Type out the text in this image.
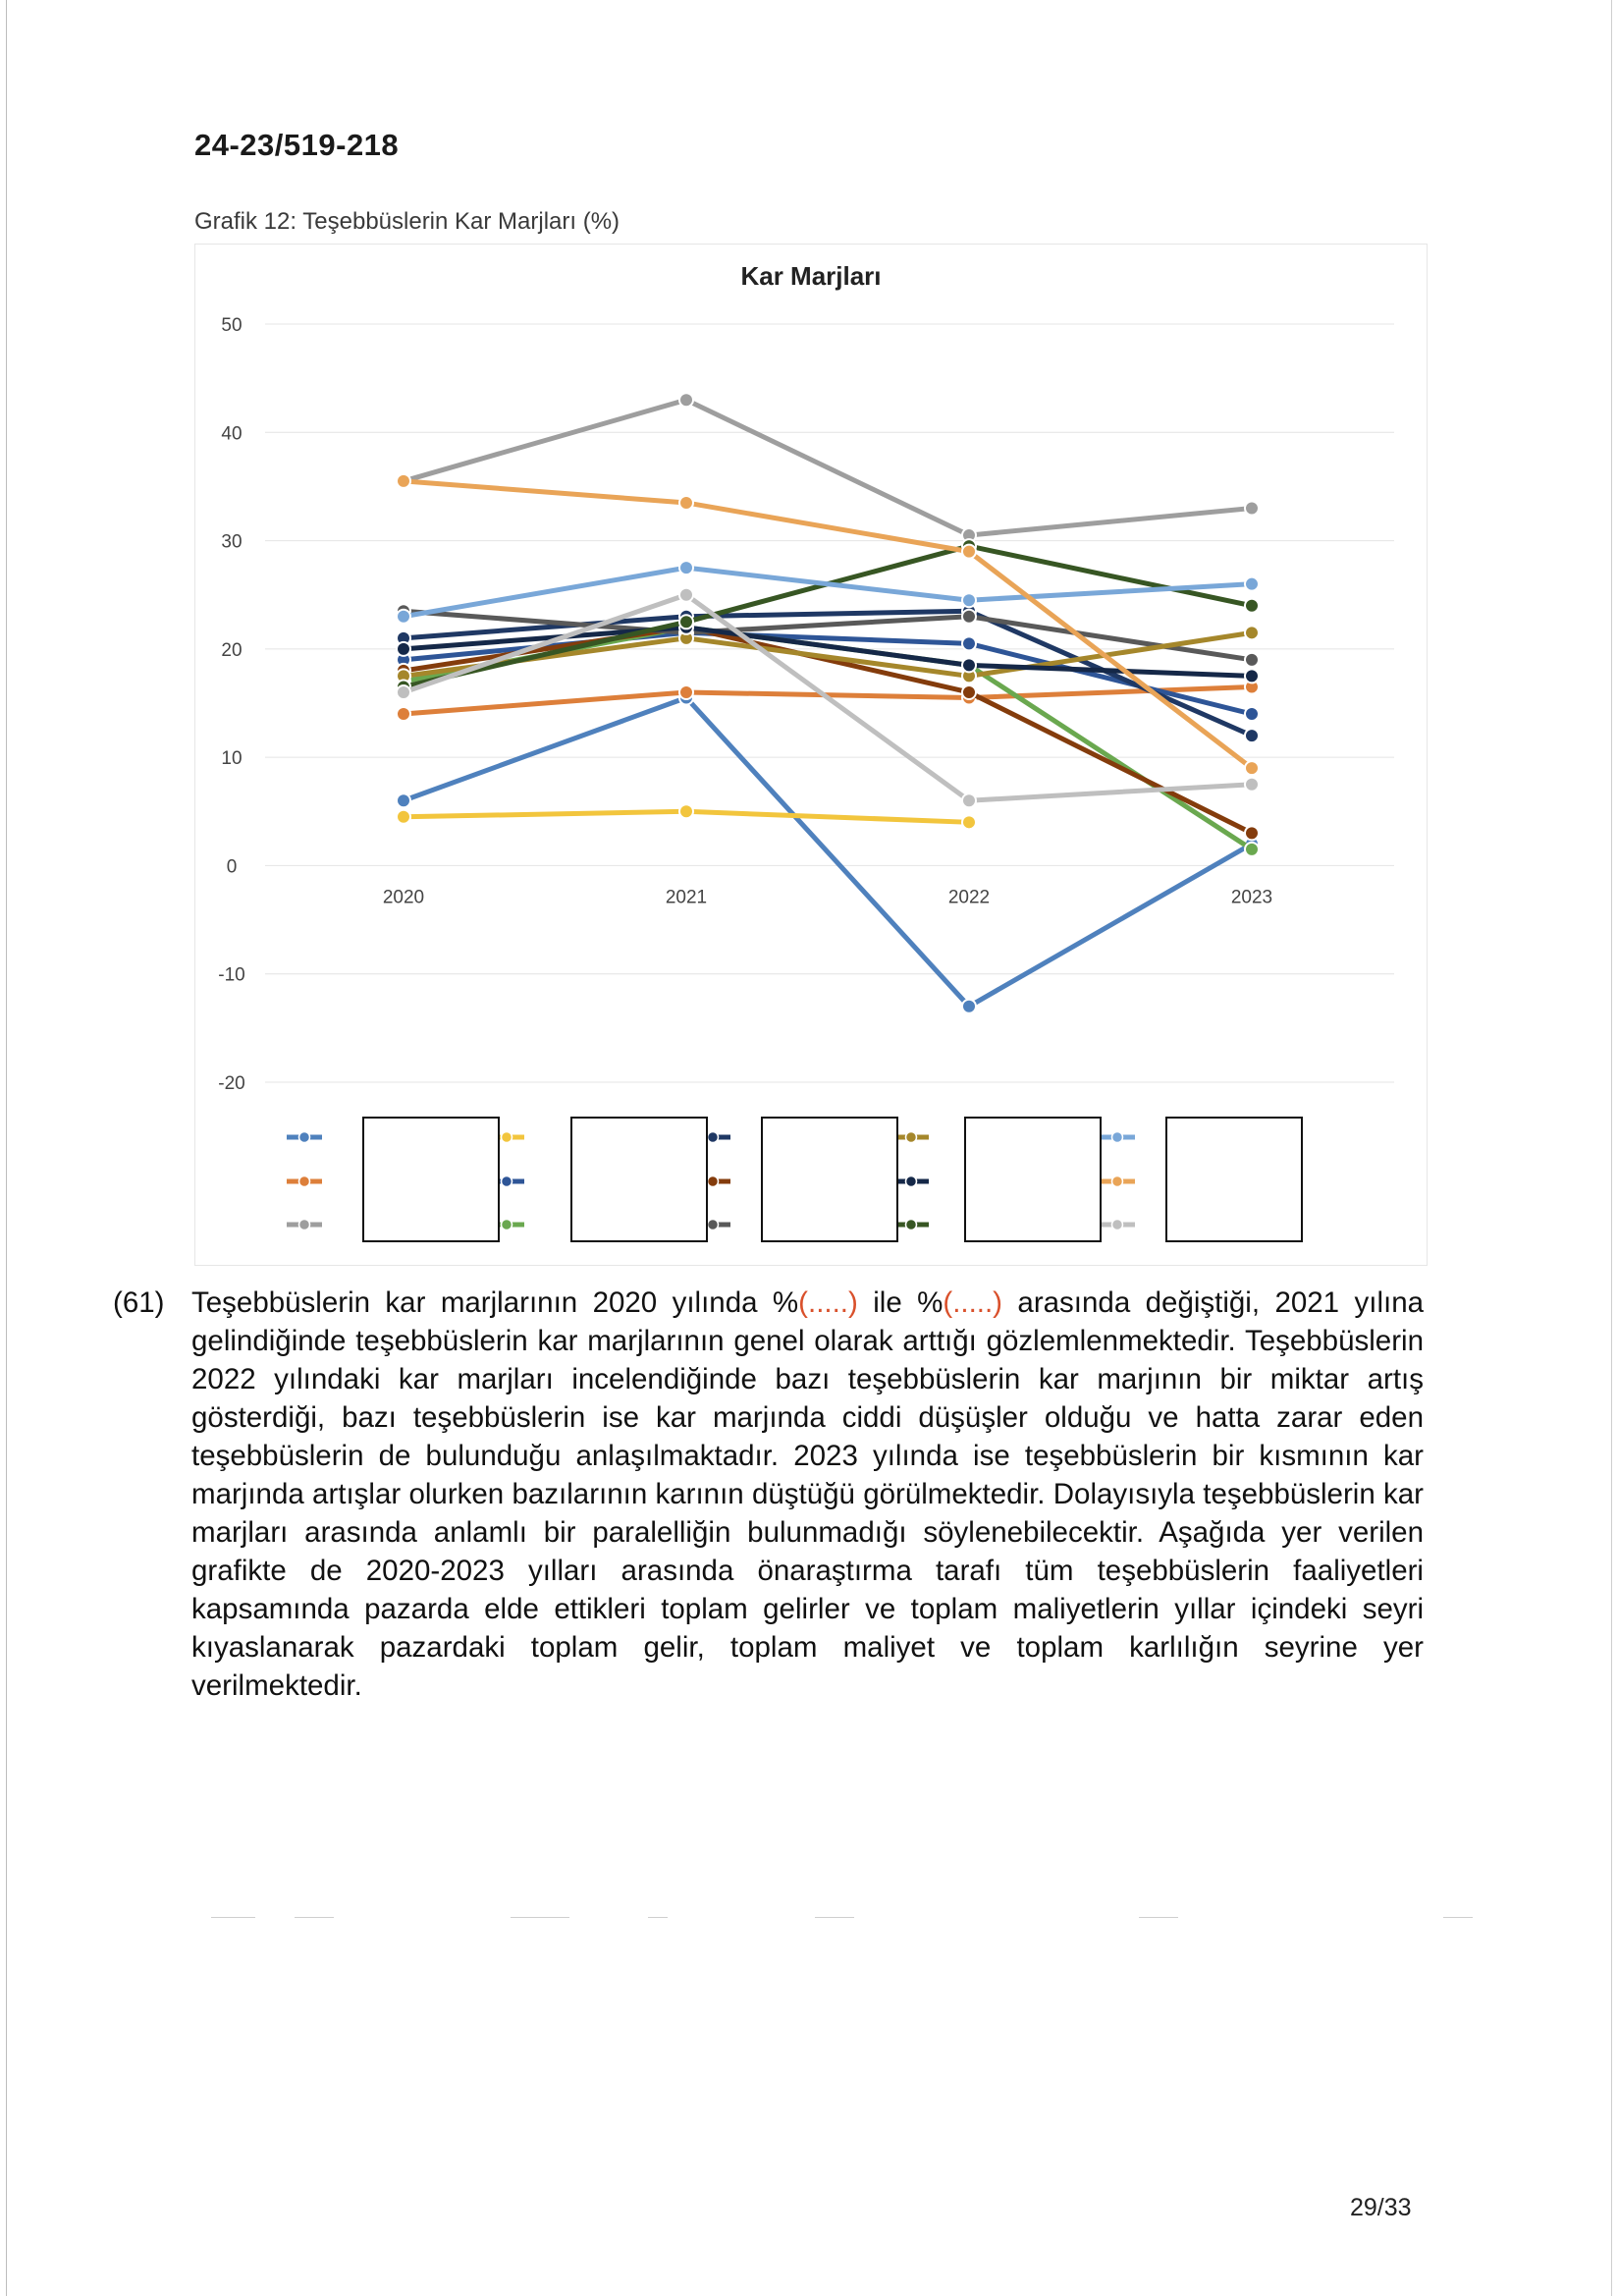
24-23/519-218
Grafik 12: Teşebbüslerin Kar Marjları (%)
Kar Marjları
50
40
30
20
10
0
-10
-20
2020	2021	2022	2023
(61) Teşebbüslerin kar marjlarının 2020 yılında %(.....) ile %(.....) arasında değiştiği, 2021 yılına gelindiğinde teşebbüslerin kar marjlarının genel olarak arttığı gözlemlenmektedir. Teşebbüslerin 2022 yılındaki kar marjları incelendiğinde bazı teşebbüslerin kar marjının bir miktar artış gösterdiği, bazı teşebbüslerin ise kar marjında ciddi düşüşler olduğu ve hatta zarar eden teşebbüslerin de bulunduğu anlaşılmaktadır. 2023 yılında ise teşebbüslerin bir kısmının kar marjında artışlar olurken bazılarının karının düştüğü görülmektedir. Dolayısıyla teşebbüslerin kar marjları arasında anlamlı bir paralelliğin bulunmadığı söylenebilecektir. Aşağıda yer verilen grafikte de 2020-2023 yılları arasında önaraştırma tarafı tüm teşebbüslerin faaliyetleri kapsamında pazarda elde ettikleri toplam gelirler ve toplam maliyetlerin yıllar içindeki seyri kıyaslanarak pazardaki toplam gelir, toplam maliyet ve toplam karlılığın seyrine yer verilmektedir.
29/33
